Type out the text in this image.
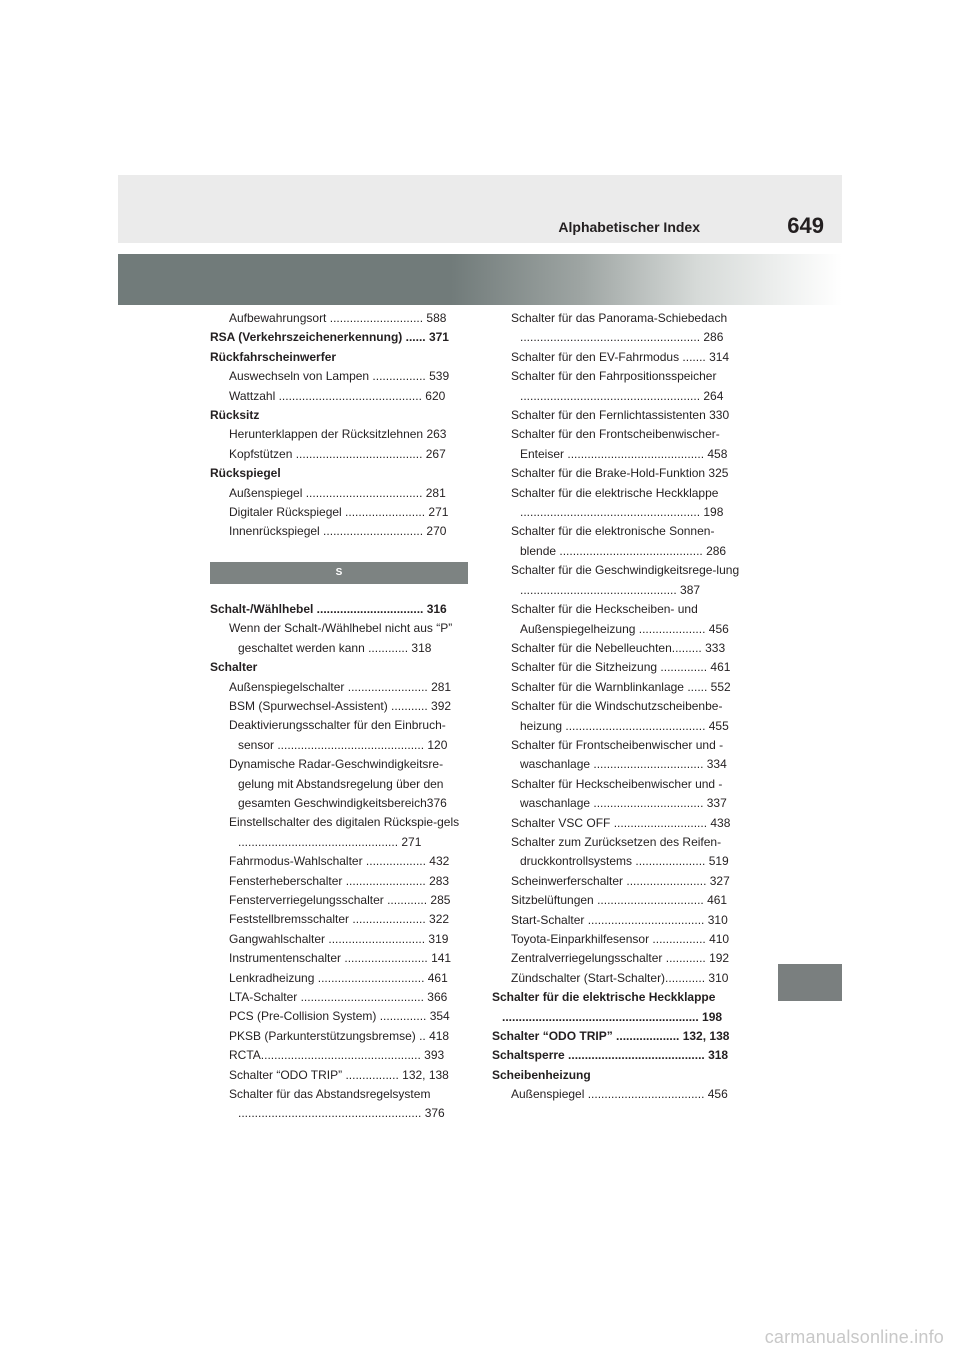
Alphabetischer Index	649
Aufbewahrungsort ............................ 588
RSA (Verkehrszeichenerkennung) ...... 371
Rückfahrscheinwerfer
Auswechseln von Lampen ................ 539
Wattzahl ........................................... 620
Rücksitz
Herunterklappen der Rücksitzlehnen 263
Kopfstützen ...................................... 267
Rückspiegel
Außenspiegel ................................... 281
Digitaler Rückspiegel ........................ 271
Innenrückspiegel .............................. 270
S
Schalt-/Wählhebel ................................ 316
Wenn der Schalt-/Wählhebel nicht aus “P” geschaltet werden kann ............ 318
Schalter
Außenspiegelschalter ........................ 281
BSM (Spurwechsel-Assistent) ........... 392
Deaktivierungsschalter für den Einbruch-sensor ............................................ 120
Dynamische Radar-Geschwindigkeitsre-gelung mit Abstandsregelung über den gesamten Geschwindigkeitsbereich376
Einstellschalter des digitalen Rückspie-gels ................................................ 271
Fahrmodus-Wahlschalter .................. 432
Fensterheberschalter ........................ 283
Fensterverriegelungsschalter ............ 285
Feststellbremsschalter ...................... 322
Gangwahlschalter ............................. 319
Instrumentenschalter ......................... 141
Lenkradheizung ................................ 461
LTA-Schalter ..................................... 366
PCS (Pre-Collision System) .............. 354
PKSB (Parkunterstützungsbremse) .. 418
RCTA................................................ 393
Schalter “ODO TRIP” ................ 132, 138
Schalter für das Abstandsregelsystem ....................................................... 376
Schalter für das Panorama-Schiebedach ...................................................... 286
Schalter für den EV-Fahrmodus ....... 314
Schalter für den Fahrpositionsspeicher ...................................................... 264
Schalter für den Fernlichtassistenten 330
Schalter für den Frontscheibenwischer-Enteiser ......................................... 458
Schalter für die Brake-Hold-Funktion 325
Schalter für die elektrische Heckklappe ...................................................... 198
Schalter für die elektronische Sonnen-blende ........................................... 286
Schalter für die Geschwindigkeitsrege-lung ............................................... 387
Schalter für die Heckscheiben- und Außenspiegelheizung .................... 456
Schalter für die Nebelleuchten......... 333
Schalter für die Sitzheizung .............. 461
Schalter für die Warnblinkanlage ...... 552
Schalter für die Windschutzscheibenbe-heizung .......................................... 455
Schalter für Frontscheibenwischer und -waschanlage ................................. 334
Schalter für Heckscheibenwischer und -waschanlage ................................. 337
Schalter VSC OFF ............................ 438
Schalter zum Zurücksetzen des Reifen-druckkontrollsystems ..................... 519
Scheinwerferschalter ........................ 327
Sitzbelüftungen ................................ 461
Start-Schalter ................................... 310
Toyota-Einparkhilfesensor ................ 410
Zentralverriegelungsschalter ............ 192
Zündschalter (Start-Schalter)............ 310
Schalter für die elektrische Heckklappe ........................................................... 198
Schalter “ODO TRIP” ................... 132, 138
Schaltsperre ......................................... 318
Scheibenheizung
Außenspiegel ................................... 456
carmanualsonline.info
